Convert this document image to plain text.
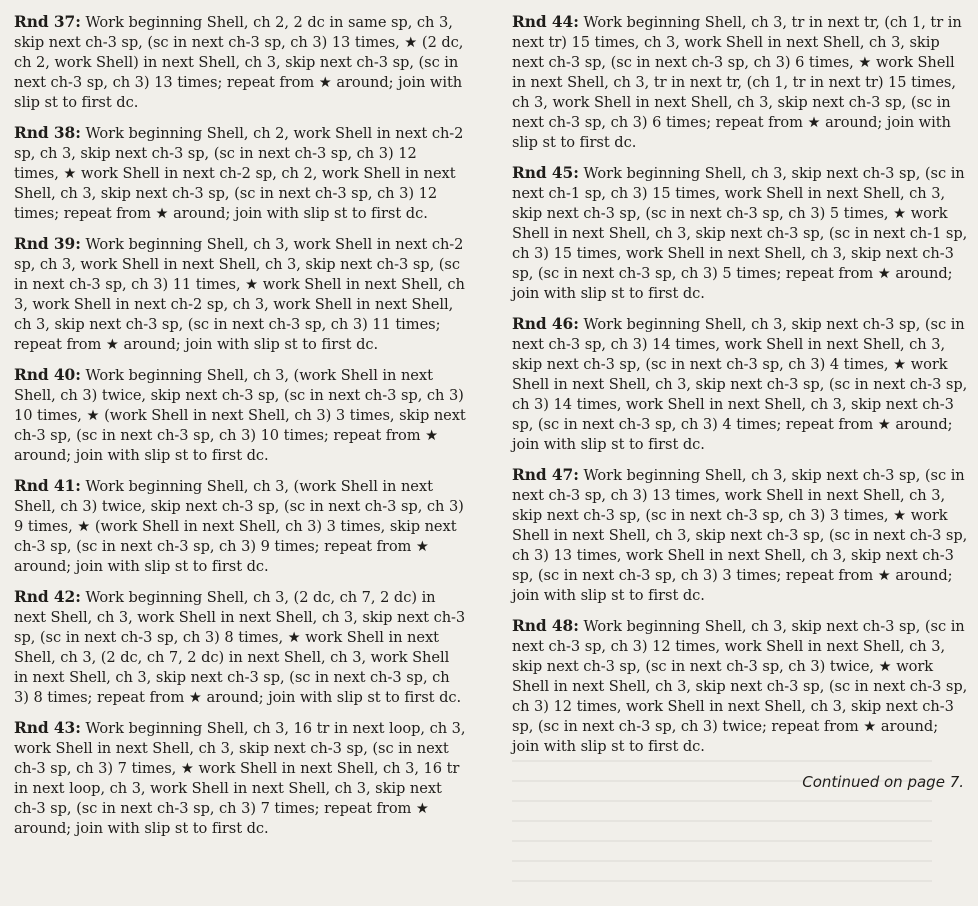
Rnd 37: Work beginning Shell, ch 2, 2 dc in same sp, ch 3, skip next ch-3 sp, (sc in next ch-3 sp, ch 3) 13 times, ★ (2 dc, ch 2, work Shell) in next Shell, ch 3, skip next ch-3 sp, (sc in next ch-3 sp, ch 3) 13 times; repeat from ★ around; join with slip st to first dc.

Rnd 38: Work beginning Shell, ch 2, work Shell in next ch-2 sp, ch 3, skip next ch-3 sp, (sc in next ch-3 sp, ch 3) 12 times, ★ work Shell in next ch-2 sp, ch 2, work Shell in next Shell, ch 3, skip next ch-3 sp, (sc in next ch-3 sp, ch 3) 12 times; repeat from ★ around; join with slip st to first dc.

Rnd 39: Work beginning Shell, ch 3, work Shell in next ch-2 sp, ch 3, work Shell in next Shell, ch 3, skip next ch-3 sp, (sc in next ch-3 sp, ch 3) 11 times, ★ work Shell in next Shell, ch 3, work Shell in next ch-2 sp, ch 3, work Shell in next Shell, ch 3, skip next ch-3 sp, (sc in next ch-3 sp, ch 3) 11 times; repeat from ★ around; join with slip st to first dc.

Rnd 40: Work beginning Shell, ch 3, (work Shell in next Shell, ch 3) twice, skip next ch-3 sp, (sc in next ch-3 sp, ch 3) 10 times, ★ (work Shell in next Shell, ch 3) 3 times, skip next ch-3 sp, (sc in next ch-3 sp, ch 3) 10 times; repeat from ★ around; join with slip st to first dc.

Rnd 41: Work beginning Shell, ch 3, (work Shell in next Shell, ch 3) twice, skip next ch-3 sp, (sc in next ch-3 sp, ch 3) 9 times, ★ (work Shell in next Shell, ch 3) 3 times, skip next ch-3 sp, (sc in next ch-3 sp, ch 3) 9 times; repeat from ★ around; join with slip st to first dc.

Rnd 42: Work beginning Shell, ch 3, (2 dc, ch 7, 2 dc) in next Shell, ch 3, work Shell in next Shell, ch 3, skip next ch-3 sp, (sc in next ch-3 sp, ch 3) 8 times, ★ work Shell in next Shell, ch 3, (2 dc, ch 7, 2 dc) in next Shell, ch 3, work Shell in next Shell, ch 3, skip next ch-3 sp, (sc in next ch-3 sp, ch 3) 8 times; repeat from ★ around; join with slip st to first dc.

Rnd 43: Work beginning Shell, ch 3, 16 tr in next loop, ch 3, work Shell in next Shell, ch 3, skip next ch-3 sp, (sc in next ch-3 sp, ch 3) 7 times, ★ work Shell in next Shell, ch 3, 16 tr in next loop, ch 3, work Shell in next Shell, ch 3, skip next ch-3 sp, (sc in next ch-3 sp, ch 3) 7 times; repeat from ★ around; join with slip st to first dc.

Rnd 44: Work beginning Shell, ch 3, tr in next tr, (ch 1, tr in next tr) 15 times, ch 3, work Shell in next Shell, ch 3, skip next ch-3 sp, (sc in next ch-3 sp, ch 3) 6 times, ★ work Shell in next Shell, ch 3, tr in next tr, (ch 1, tr in next tr) 15 times, ch 3, work Shell in next Shell, ch 3, skip next ch-3 sp, (sc in next ch-3 sp, ch 3) 6 times; repeat from ★ around; join with slip st to first dc.

Rnd 45: Work beginning Shell, ch 3, skip next ch-3 sp, (sc in next ch-1 sp, ch 3) 15 times, work Shell in next Shell, ch 3, skip next ch-3 sp, (sc in next ch-3 sp, ch 3) 5 times, ★ work Shell in next Shell, ch 3, skip next ch-3 sp, (sc in next ch-1 sp, ch 3) 15 times, work Shell in next Shell, ch 3, skip next ch-3 sp, (sc in next ch-3 sp, ch 3) 5 times; repeat from ★ around; join with slip st to first dc.

Rnd 46: Work beginning Shell, ch 3, skip next ch-3 sp, (sc in next ch-3 sp, ch 3) 14 times, work Shell in next Shell, ch 3, skip next ch-3 sp, (sc in next ch-3 sp, ch 3) 4 times, ★ work Shell in next Shell, ch 3, skip next ch-3 sp, (sc in next ch-3 sp, ch 3) 14 times, work Shell in next Shell, ch 3, skip next ch-3 sp, (sc in next ch-3 sp, ch 3) 4 times; repeat from ★ around; join with slip st to first dc.

Rnd 47: Work beginning Shell, ch 3, skip next ch-3 sp, (sc in next ch-3 sp, ch 3) 13 times, work Shell in next Shell, ch 3, skip next ch-3 sp, (sc in next ch-3 sp, ch 3) 3 times, ★ work Shell in next Shell, ch 3, skip next ch-3 sp, (sc in next ch-3 sp, ch 3) 13 times, work Shell in next Shell, ch 3, skip next ch-3 sp, (sc in next ch-3 sp, ch 3) 3 times; repeat from ★ around; join with slip st to first dc.

Rnd 48: Work beginning Shell, ch 3, skip next ch-3 sp, (sc in next ch-3 sp, ch 3) 12 times, work Shell in next Shell, ch 3, skip next ch-3 sp, (sc in next ch-3 sp, ch 3) twice, ★ work Shell in next Shell, ch 3, skip next ch-3 sp, (sc in next ch-3 sp, ch 3) 12 times, work Shell in next Shell, ch 3, skip next ch-3 sp, (sc in next ch-3 sp, ch 3) twice; repeat from ★ around; join with slip st to first dc.

Continued on page 7.
